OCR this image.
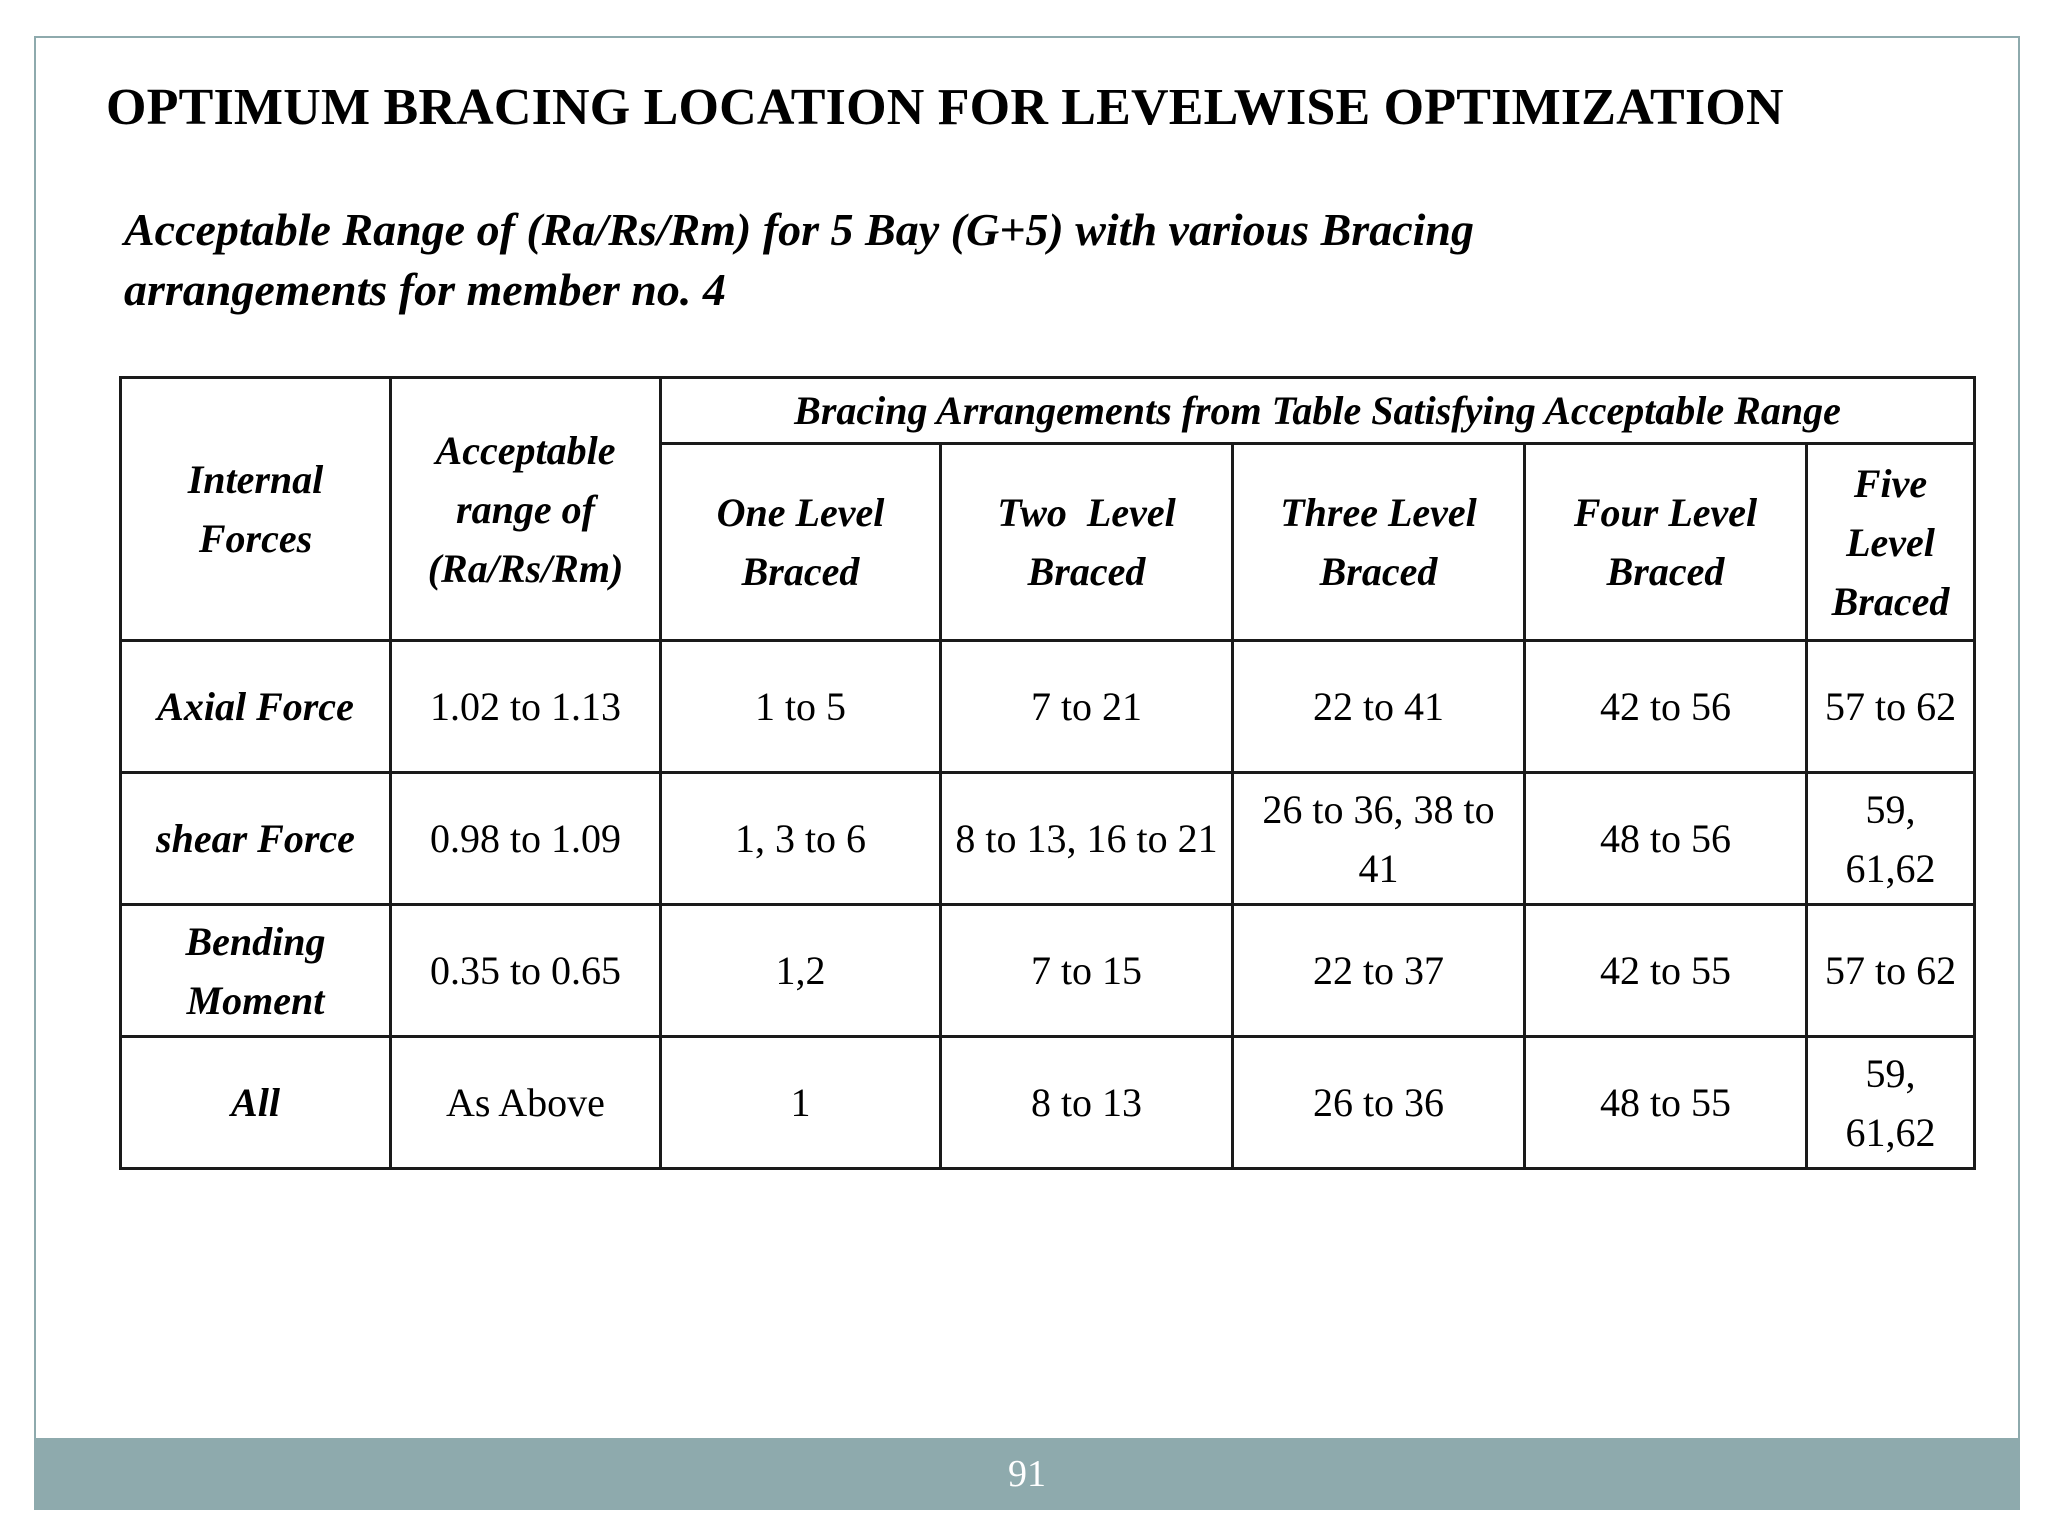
OPTIMUM BRACING LOCATION FOR LEVELWISE OPTIMIZATION

Acceptable Range of (Ra/Rs/Rm) for 5 Bay (G+5) with various Bracing
arrangements for member no. 4

Internal Forces	Acceptable range of (Ra/Rs/Rm)	Bracing Arrangements from Table Satisfying Acceptable Range				
		One Level Braced	Two  Level Braced	Three Level Braced	Four Level Braced	Five Level Braced
Axial Force	1.02 to 1.13	1 to 5	7 to 21	22 to 41	42 to 56	57 to 62
shear Force	0.98 to 1.09	1, 3 to 6	8 to 13, 16 to 21	26 to 36, 38 to 41	48 to 56	59, 61,62
Bending Moment	0.35 to 0.65	1,2	7 to 15	22 to 37	42 to 55	57 to 62
All	As Above	1	8 to 13	26 to 36	48 to 55	59, 61,62
91
